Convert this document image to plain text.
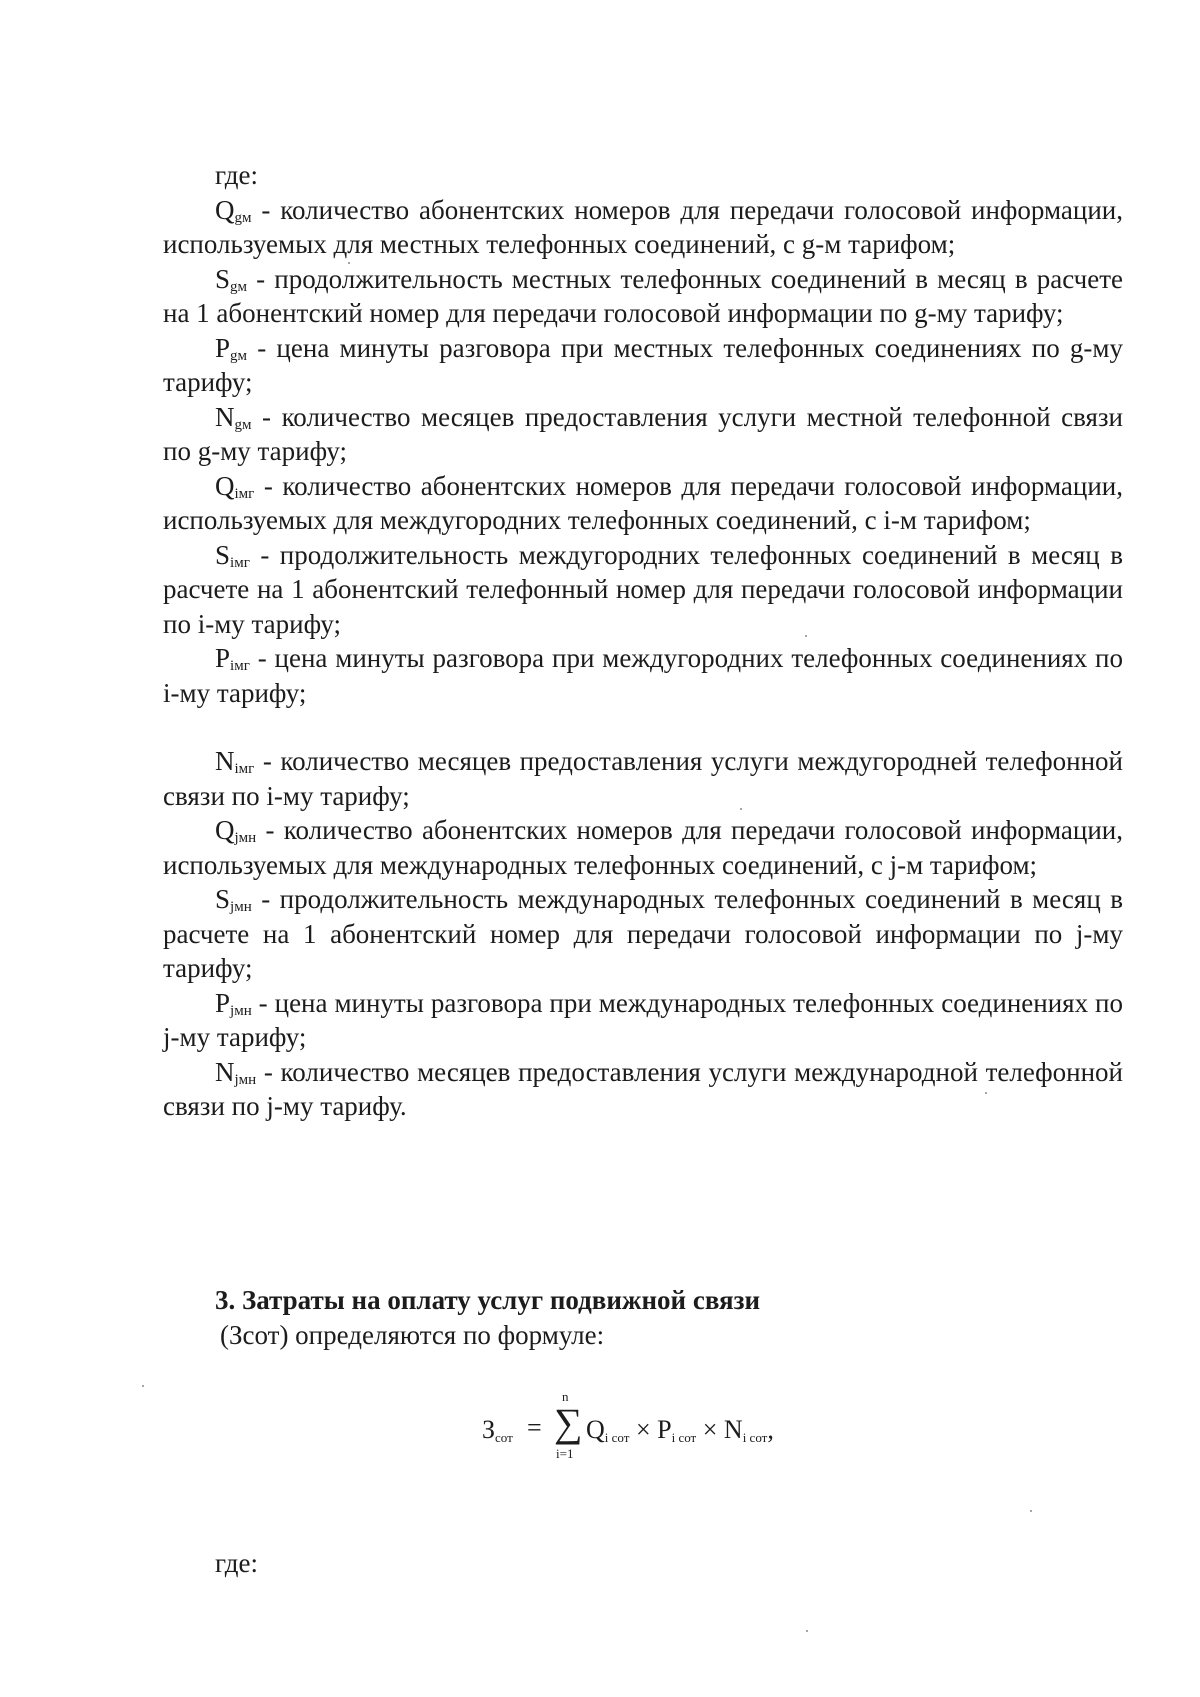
где:

$Q_{gм}$ - количество абонентских номеров для передачи голосовой информации, используемых для местных телефонных соединений, с g-м тарифом;

$S_{gм}$ - продолжительность местных телефонных соединений в месяц в расчете на 1 абонентский номер для передачи голосовой информации по g-му тарифу;

$P_{gм}$ - цена минуты разговора при местных телефонных соединениях по g-му тарифу;

$N_{gм}$ - количество месяцев предоставления услуги местной телефонной связи по g-му тарифу;

$Q_{iмг}$ - количество абонентских номеров для передачи голосовой информации, используемых для междугородних телефонных соединений, с i-м тарифом;

$S_{iмг}$ - продолжительность междугородних телефонных соединений в месяц в расчете на 1 абонентский телефонный номер для передачи голосовой информации по i-му тарифу;

$P_{iмг}$ - цена минуты разговора при междугородних телефонных соединениях по i-му тарифу;

$N_{iмг}$ - количество месяцев предоставления услуги междугородней телефонной связи по i-му тарифу;

$Q_{jмн}$ - количество абонентских номеров для передачи голосовой информации, используемых для международных телефонных соединений, с j-м тарифом;

$S_{jмн}$ - продолжительность международных телефонных соединений в месяц в расчете на 1 абонентский номер для передачи голосовой информации по j-му тарифу;

$P_{jмн}$ - цена минуты разговора при международных телефонных соединениях по j-му тарифу;

$N_{jмн}$ - количество месяцев предоставления услуги международной телефонной связи по j-му тарифу.

3. Затраты на оплату услуг подвижной связи
(Зсот) определяются по формуле:
$З_{сот}$ =
n
∑
i=1
$Q_{i сот} \times P_{i сот} \times N_{i сот}$,
где:
